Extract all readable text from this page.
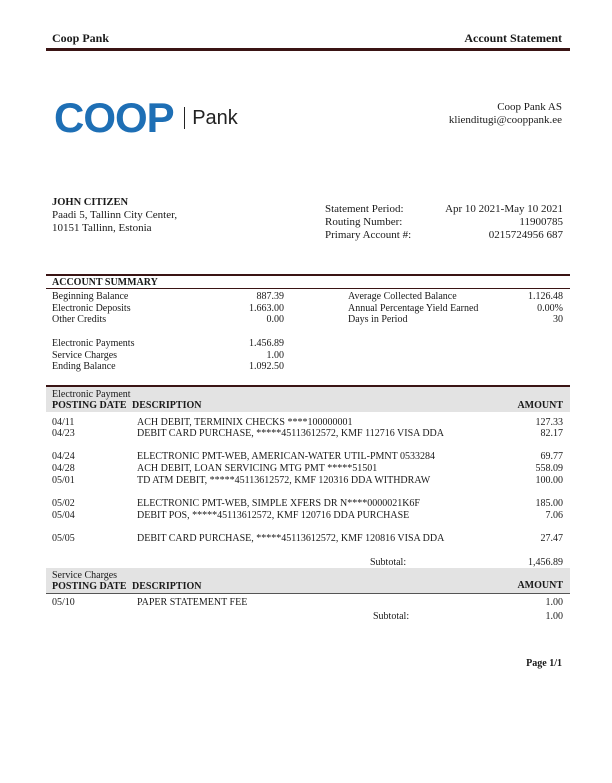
Coop Pank	Account Statement
COOP Pank	Coop Pank AS
klienditugi@cooppank.ee
JOHN CITIZEN
Paadi 5, Tallinn City Center,
10151 Tallinn, Estonia
Statement Period:	Apr 10 2021-May 10 2021
Routing Number:	11900785
Primary Account #:	0215724956 687
ACCOUNT SUMMARY
Beginning Balance	887.39
Electronic Deposits	1.663.00
Other Credits	0.00
Average Collected Balance	1.126.48
Annual Percentage Yield Earned	0.00%
Days in Period	30
Electronic Payments	1.456.89
Service Charges	1.00
Ending Balance	1.092.50
Electronic Payment
POSTING DATE DESCRIPTION	AMOUNT
04/11	ACH DEBIT, TERMINIX CHECKS ****100000001	127.33
04/23	DEBIT CARD PURCHASE, *****45113612572, KMF 112716 VISA DDA	82.17
04/24	ELECTRONIC PMT-WEB, AMERICAN-WATER UTIL-PMNT 0533284	69.77
04/28	ACH DEBIT, LOAN SERVICING MTG PMT *****51501	558.09
05/01	TD ATM DEBIT, *****45113612572, KMF 120316 DDA WITHDRAW	100.00
05/02	ELECTRONIC PMT-WEB, SIMPLE XFERS DR N****0000021K6F	185.00
05/04	DEBIT POS, *****45113612572, KMF 120716 DDA PURCHASE	7.06
05/05	DEBIT CARD PURCHASE, *****45113612572, KMF 120816 VISA DDA	27.47
Subtotal:	1,456.89
Service Charges
POSTING DATE DESCRIPTION	AMOUNT
05/10	PAPER STATEMENT FEE	1.00
Subtotal:	1.00
Page 1/1
